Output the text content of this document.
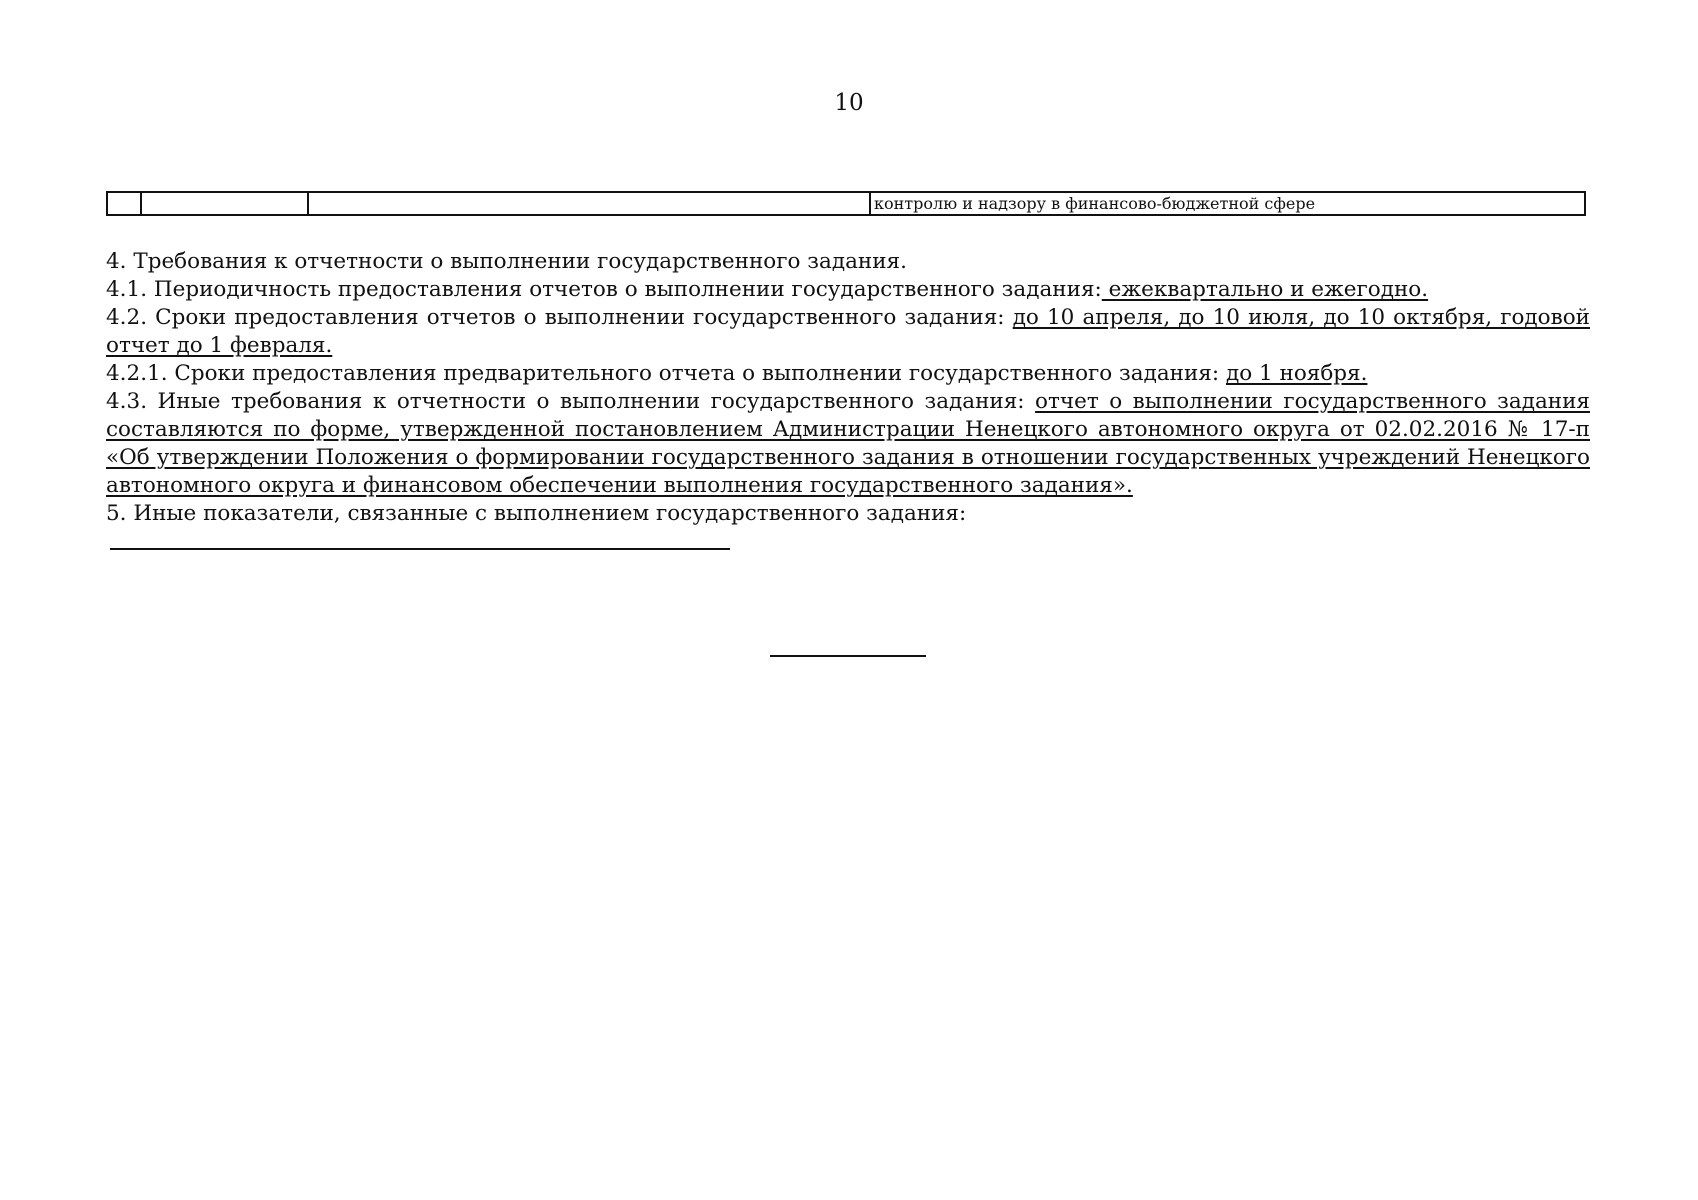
10
			контролю и надзору в финансово-бюджетной сфере

4. Требования к отчетности о выполнении государственного задания.

4.1. Периодичность предоставления отчетов о выполнении государственного задания: ежеквартально и ежегодно.

4.2. Сроки предоставления отчетов о выполнении государственного задания: до 10 апреля, до 10 июля, до 10 октября, годовой отчет до 1 февраля.

4.2.1. Сроки предоставления предварительного отчета о выполнении государственного задания: до 1 ноября.

4.3. Иные требования к отчетности о выполнении государственного задания: отчет о выполнении государственного задания составляются по форме, утвержденной постановлением Администрации Ненецкого автономного округа от 02.02.2016 № 17-п «Об утверждении Положения о формировании государственного задания в отношении государственных учреждений Ненецкого автономного округа и финансовом обеспечении выполнения государственного задания».

5. Иные показатели, связанные с выполнением государственного задания:
